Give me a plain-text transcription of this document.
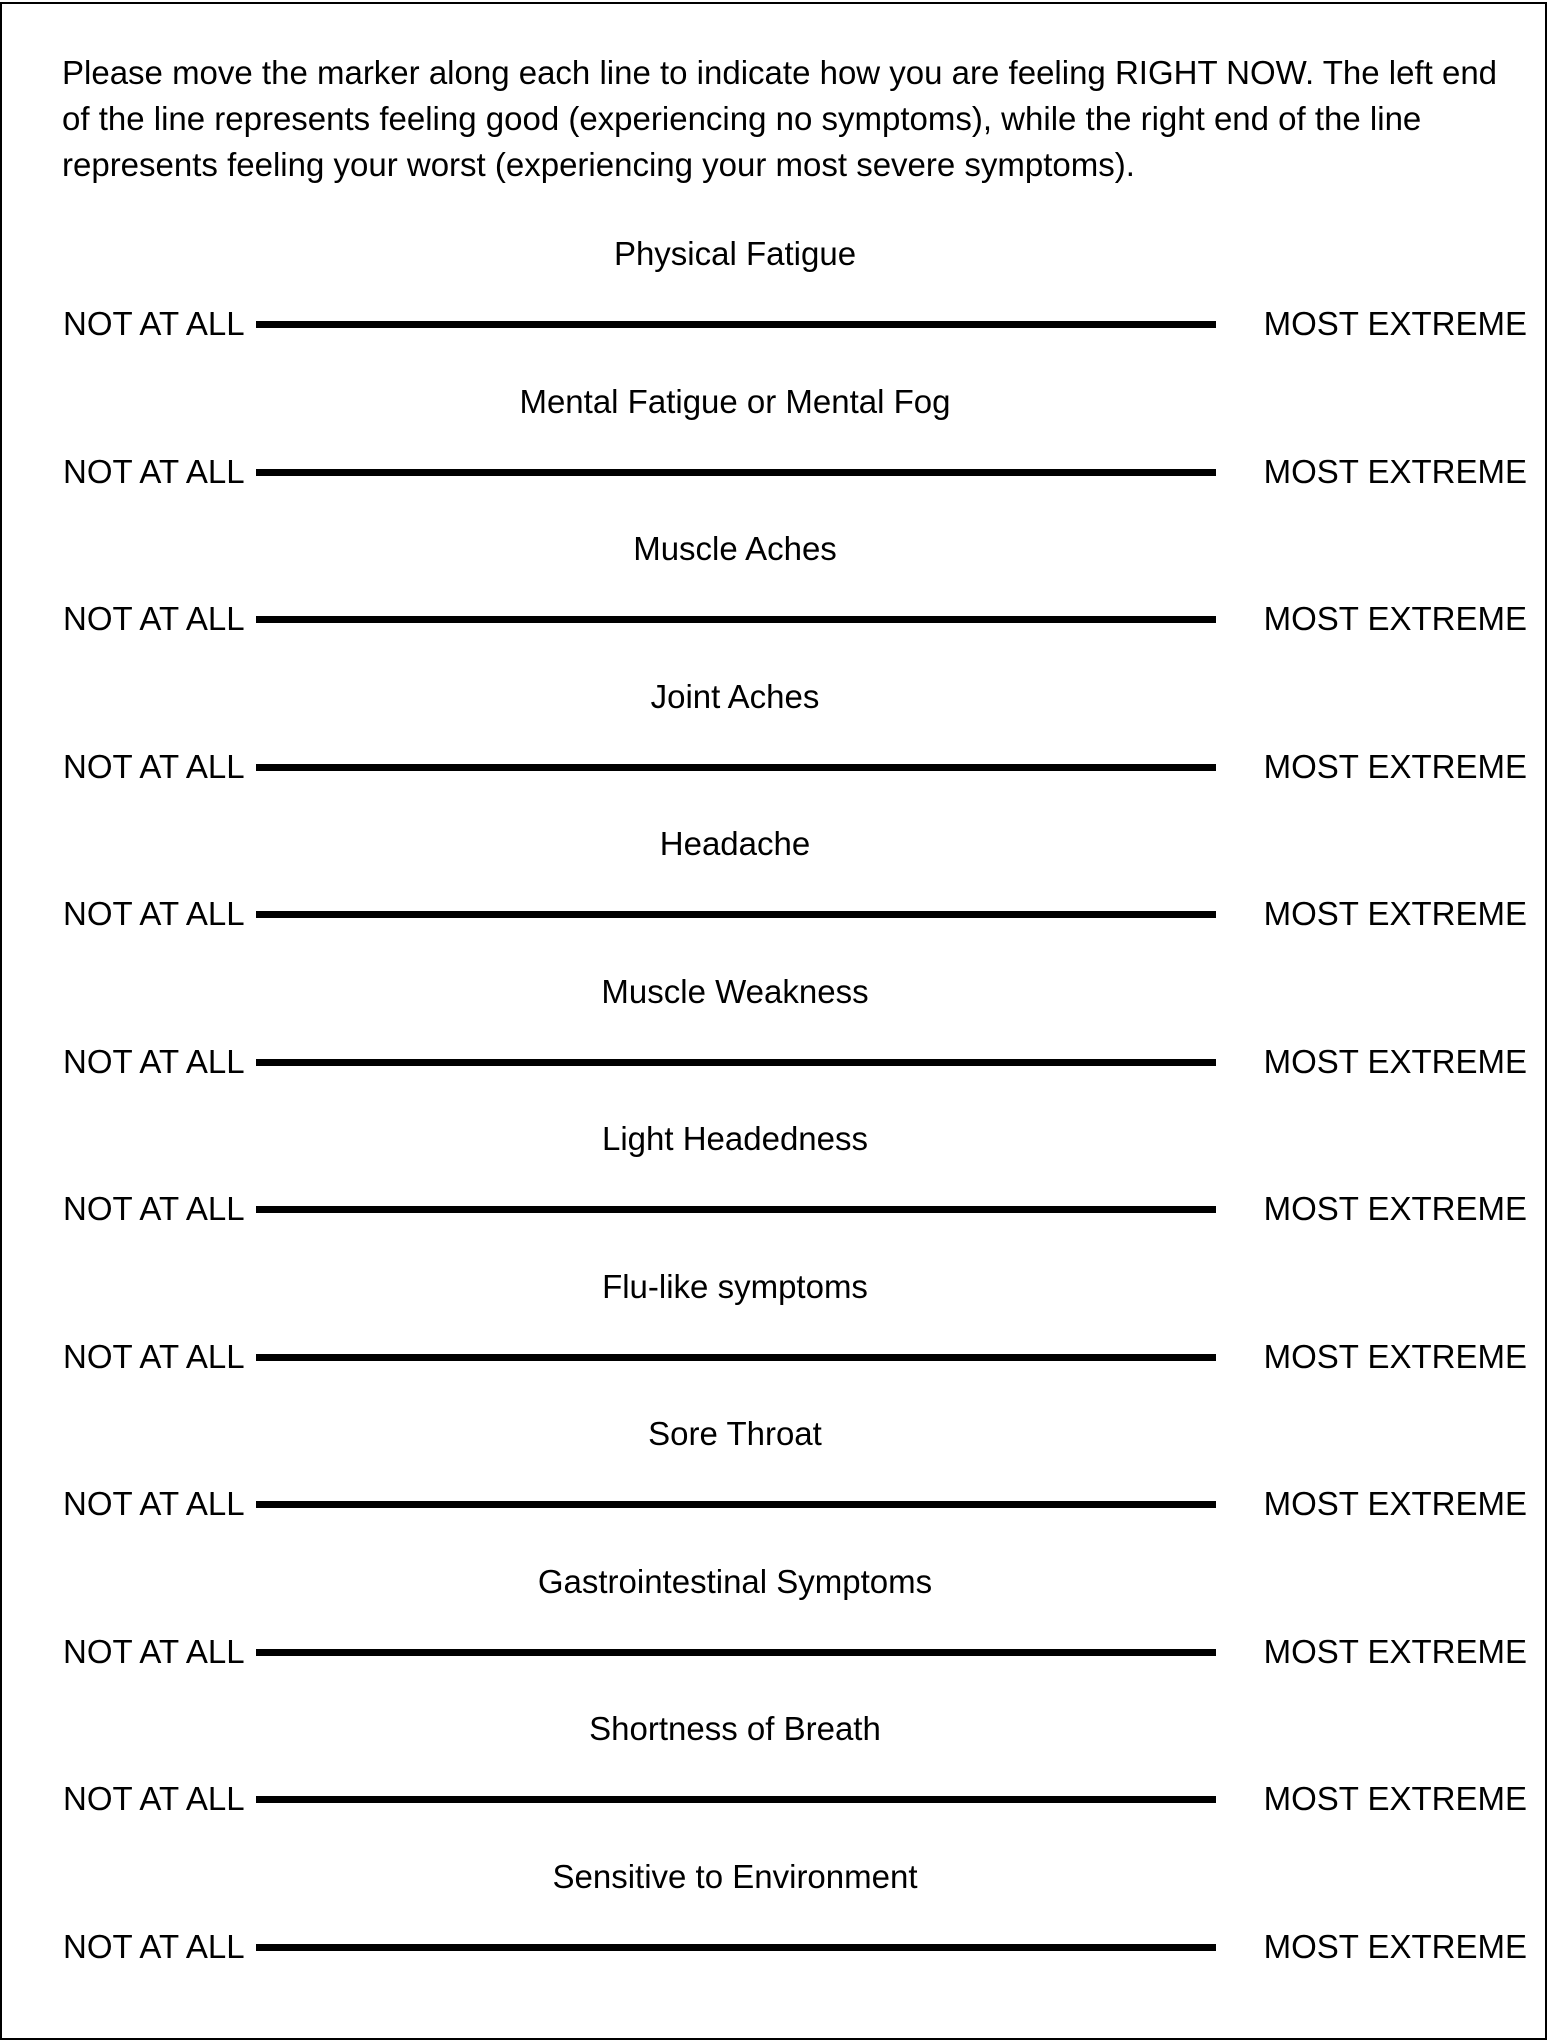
Please move the marker along each line to indicate how you are feeling RIGHT NOW. The left end of the line represents feeling good (experiencing no symptoms), while the right end of the line represents feeling your worst (experiencing your most severe symptoms).

Physical Fatigue
NOT AT ALL	MOST EXTREME
Mental Fatigue or Mental Fog
NOT AT ALL	MOST EXTREME
Muscle Aches
NOT AT ALL	MOST EXTREME
Joint Aches
NOT AT ALL	MOST EXTREME
Headache
NOT AT ALL	MOST EXTREME
Muscle Weakness
NOT AT ALL	MOST EXTREME
Light Headedness
NOT AT ALL	MOST EXTREME
Flu-like symptoms
NOT AT ALL	MOST EXTREME
Sore Throat
NOT AT ALL	MOST EXTREME
Gastrointestinal Symptoms
NOT AT ALL	MOST EXTREME
Shortness of Breath
NOT AT ALL	MOST EXTREME
Sensitive to Environment
NOT AT ALL	MOST EXTREME
